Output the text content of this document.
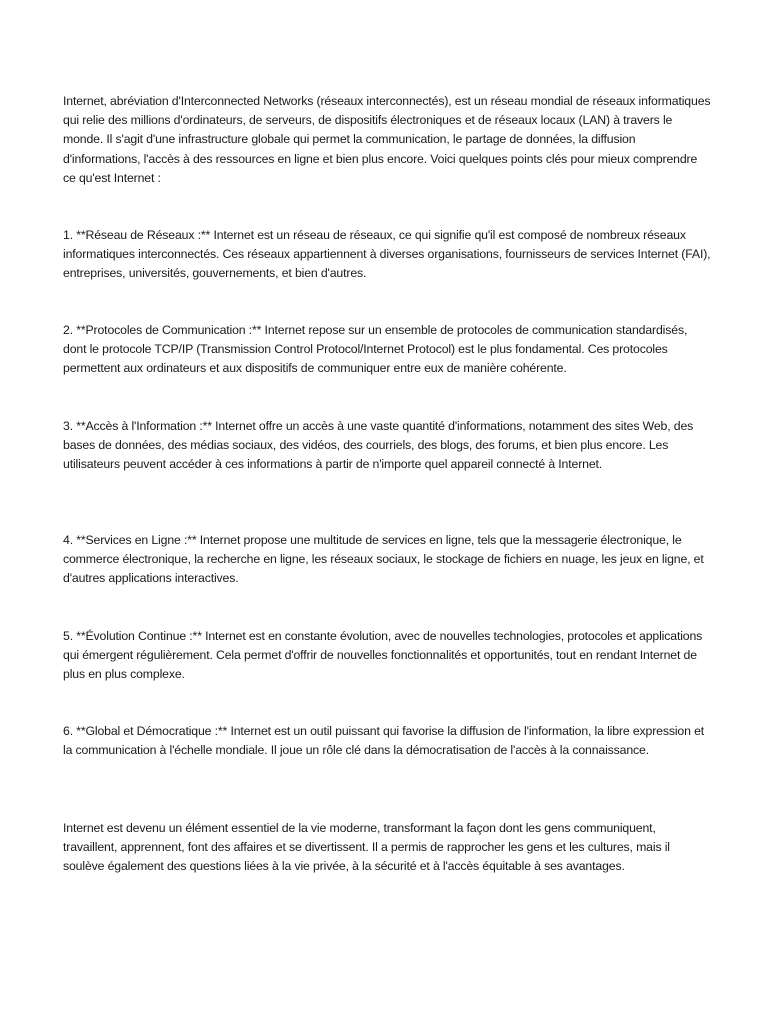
Internet, abréviation d'Interconnected Networks (réseaux interconnectés), est un réseau mondial de réseaux informatiques qui relie des millions d'ordinateurs, de serveurs, de dispositifs électroniques et de réseaux locaux (LAN) à travers le monde. Il s'agit d'une infrastructure globale qui permet la communication, le partage de données, la diffusion d'informations, l'accès à des ressources en ligne et bien plus encore. Voici quelques points clés pour mieux comprendre ce qu'est Internet :

1. **Réseau de Réseaux :** Internet est un réseau de réseaux, ce qui signifie qu'il est composé de nombreux réseaux informatiques interconnectés. Ces réseaux appartiennent à diverses organisations, fournisseurs de services Internet (FAI), entreprises, universités, gouvernements, et bien d'autres.

2. **Protocoles de Communication :** Internet repose sur un ensemble de protocoles de communication standardisés, dont le protocole TCP/IP (Transmission Control Protocol/Internet Protocol) est le plus fondamental. Ces protocoles permettent aux ordinateurs et aux dispositifs de communiquer entre eux de manière cohérente.

3. **Accès à l'Information :** Internet offre un accès à une vaste quantité d'informations, notamment des sites Web, des bases de données, des médias sociaux, des vidéos, des courriels, des blogs, des forums, et bien plus encore. Les utilisateurs peuvent accéder à ces informations à partir de n'importe quel appareil connecté à Internet.

4. **Services en Ligne :** Internet propose une multitude de services en ligne, tels que la messagerie électronique, le commerce électronique, la recherche en ligne, les réseaux sociaux, le stockage de fichiers en nuage, les jeux en ligne, et d'autres applications interactives.

5. **Évolution Continue :** Internet est en constante évolution, avec de nouvelles technologies, protocoles et applications qui émergent régulièrement. Cela permet d'offrir de nouvelles fonctionnalités et opportunités, tout en rendant Internet de plus en plus complexe.

6. **Global et Démocratique :** Internet est un outil puissant qui favorise la diffusion de l'information, la libre expression et la communication à l'échelle mondiale. Il joue un rôle clé dans la démocratisation de l'accès à la connaissance.

Internet est devenu un élément essentiel de la vie moderne, transformant la façon dont les gens communiquent, travaillent, apprennent, font des affaires et se divertissent. Il a permis de rapprocher les gens et les cultures, mais il soulève également des questions liées à la vie privée, à la sécurité et à l'accès équitable à ses avantages.
